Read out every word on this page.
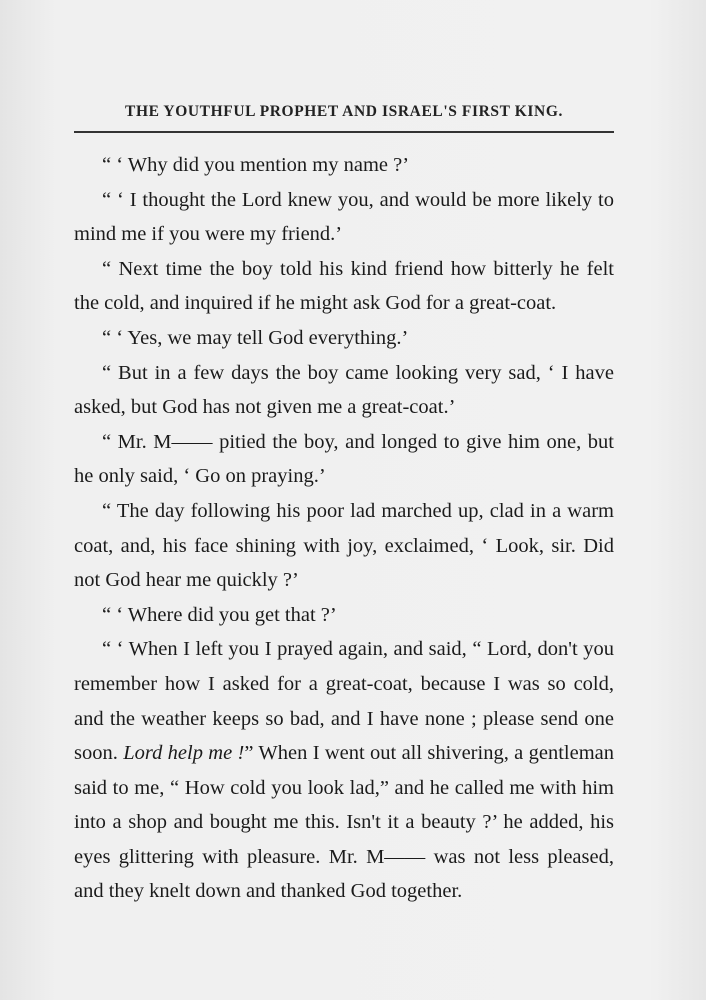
THE YOUTHFUL PROPHET AND ISRAEL'S FIRST KING.

“ ‘ Why did you mention my name ?’

“ ‘ I thought the Lord knew you, and would be more likely to mind me if you were my friend.’

“ Next time the boy told his kind friend how bitterly he felt the cold, and inquired if he might ask God for a great-coat.

“ ‘ Yes, we may tell God everything.’

“ But in a few days the boy came looking very sad, ‘ I have asked, but God has not given me a great-coat.’

“ Mr. M—— pitied the boy, and longed to give him one, but he only said, ‘ Go on praying.’

“ The day following his poor lad marched up, clad in a warm coat, and, his face shining with joy, exclaimed, ‘ Look, sir. Did not God hear me quickly ?’

“ ‘ Where did you get that ?’

“ ‘ When I left you I prayed again, and said, “ Lord, don't you remember how I asked for a great-coat, because I was so cold, and the weather keeps so bad, and I have none ; please send one soon. Lord help me !” When I went out all shivering, a gentleman said to me, “ How cold you look lad,” and he called me with him into a shop and bought me this. Isn't it a beauty ?’ he added, his eyes glittering with pleasure. Mr. M—— was not less pleased, and they knelt down and thanked God together.
